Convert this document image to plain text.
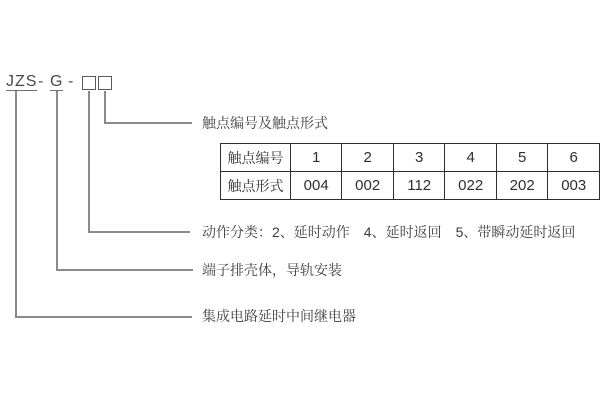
JZS - G -
触点编号及触点形式
动作分类：2、延时动作　4、延时返回　5、带瞬动延时返回
端子排壳体，导轨安装
集成电路延时中间继电器
触点编号	1	2	3	4	5	6
触点形式	004	002	112	022	202	003
